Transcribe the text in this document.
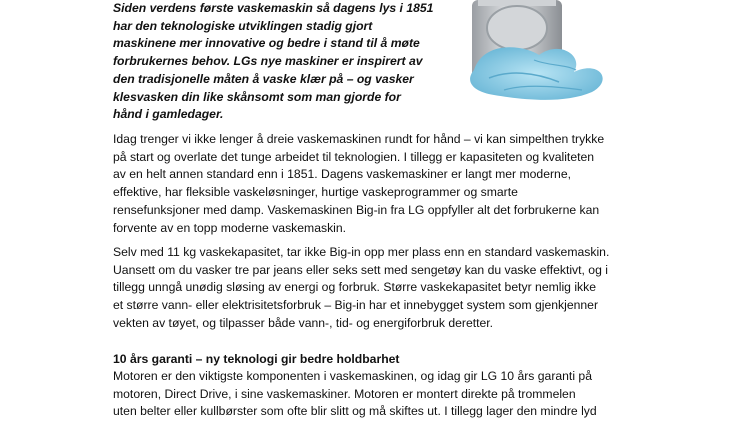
Siden verdens første vaskemaskin så dagens lys i 1851
har den teknologiske utviklingen stadig gjort
maskinene mer innovative og bedre i stand til å møte
forbrukernes behov. LGs nye maskiner er inspirert av
den tradisjonelle måten å vaske klær på – og vasker
klesvasken din like skånsomt som man gjorde for
hånd i gamledager.
Idag trenger vi ikke lenger å dreie vaskemaskinen rundt for hånd – vi kan simpelthen trykke
på start og overlate det tunge arbeidet til teknologien. I tillegg er kapasiteten og kvaliteten
av en helt annen standard enn i 1851. Dagens vaskemaskiner er langt mer moderne,
effektive, har fleksible vaskeløsninger, hurtige vaskeprogrammer og smarte
rensefunksjoner med damp. Vaskemaskinen Big-in fra LG oppfyller alt det forbrukerne kan
forvente av en topp moderne vaskemaskin.
Selv med 11 kg vaskekapasitet, tar ikke Big-in opp mer plass enn en standard vaskemaskin.
Uansett om du vasker tre par jeans eller seks sett med sengetøy kan du vaske effektivt, og i
tillegg unngå unødig sløsing av energi og forbruk. Større vaskekapasitet betyr nemlig ikke
et større vann- eller elektrisitetsforbruk – Big-in har et innebygget system som gjenkjenner
vekten av tøyet, og tilpasser både vann-, tid- og energiforbruk deretter.
10 års garanti – ny teknologi gir bedre holdbarhet
Motoren er den viktigste komponenten i vaskemaskinen, og idag gir LG 10 års garanti på
motoren, Direct Drive, i sine vaskemaskiner. Motoren er montert direkte på trommelen
uten belter eller kullbørster som ofte blir slitt og må skiftes ut. I tillegg lager den mindre lyd
